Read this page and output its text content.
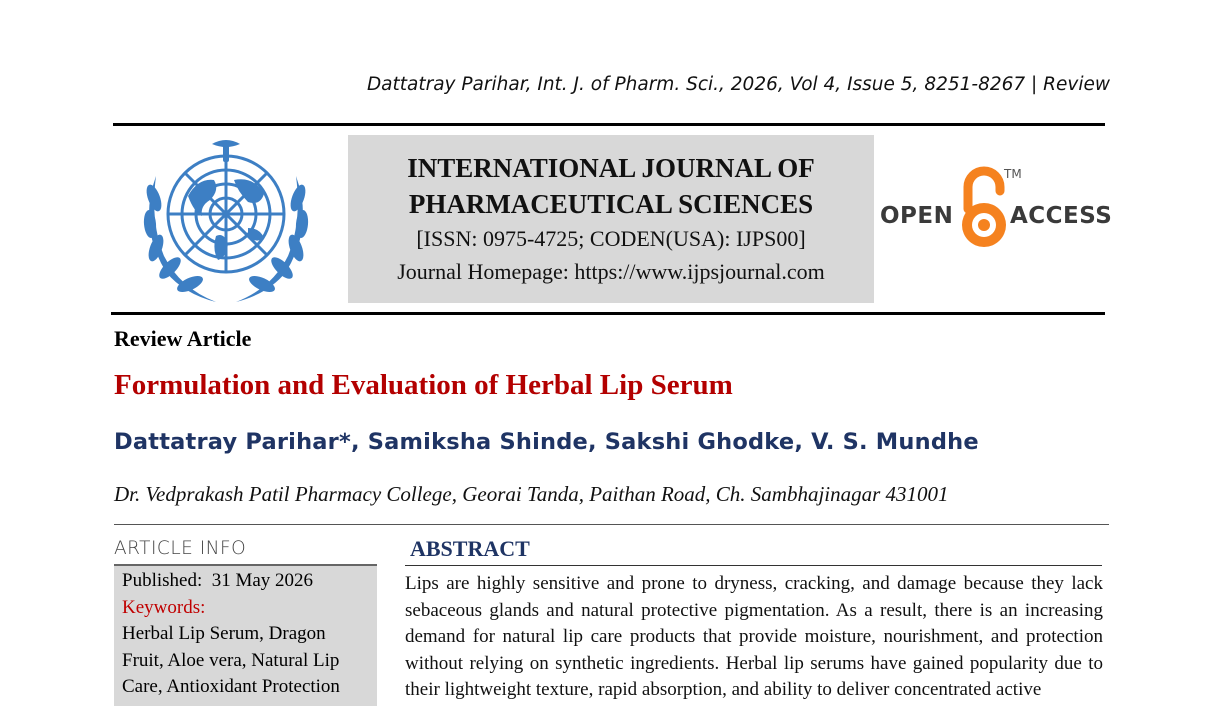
Dattatray Parihar, Int. J. of Pharm. Sci., 2026, Vol 4, Issue 5, 8251-8267 | Review
INTERNATIONAL JOURNAL OF
PHARMACEUTICAL SCIENCES
[ISSN: 0975-4725; CODEN(USA): IJPS00]
Journal Homepage: https://www.ijpsjournal.com
OPEN
TM
ACCESS
Review Article
Formulation and Evaluation of Herbal Lip Serum
Dattatray Parihar*, Samiksha Shinde, Sakshi Ghodke, V. S. Mundhe
Dr. Vedprakash Patil Pharmacy College, Georai Tanda, Paithan Road, Ch. Sambhajinagar 431001
ARTICLE INFO
Published: 31 May 2026
Keywords:
Herbal Lip Serum, Dragon
Fruit, Aloe vera, Natural Lip
Care, Antioxidant Protection
ABSTRACT
Lips are highly sensitive and prone to dryness, cracking, and damage because they lack sebaceous glands and natural protective pigmentation. As a result, there is an increasing demand for natural lip care products that provide moisture, nourishment, and protection without relying on synthetic ingredients. Herbal lip serums have gained popularity due to their lightweight texture, rapid absorption, and ability to deliver concentrated active
